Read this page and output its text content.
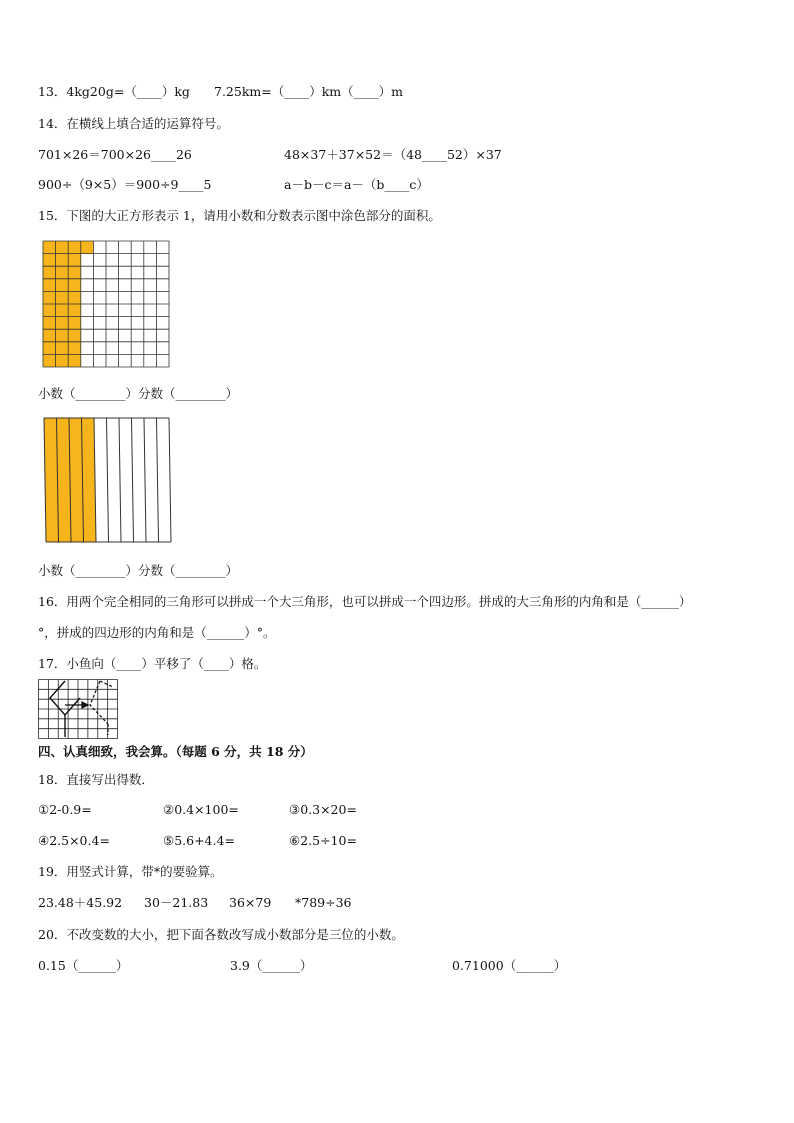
13．4kg20g=（____）kg 7.25km=（____）km（____）m
14．在横线上填合适的运算符号。
701×26＝700×26____26	48×37＋37×52＝（48____52）×37
900÷（9×5）＝900÷9____5	a－b－c＝a－（b____c）
15．下图的大正方形表示 1，请用小数和分数表示图中涂色部分的面积。
小数（________）分数（________）
小数（________）分数（________）
16．用两个完全相同的三角形可以拼成一个大三角形，也可以拼成一个四边形。拼成的大三角形的内角和是（______）
°，拼成的四边形的内角和是（______）°。
17．小鱼向（____）平移了（____）格。
四、认真细致，我会算。（每题 6 分，共 18 分）
18．直接写出得数．
①2-0.9=	②0.4×100=	③0.3×20=
④2.5×0.4=	⑤5.6+4.4=	⑥2.5÷10=
19．用竖式计算，带*的要验算。
23.48＋45.92 30－21.83 36×79 *789÷36
20．不改变数的大小，把下面各数改写成小数部分是三位的小数。
0.15（______）	3.9（______）	0.71000（______）
